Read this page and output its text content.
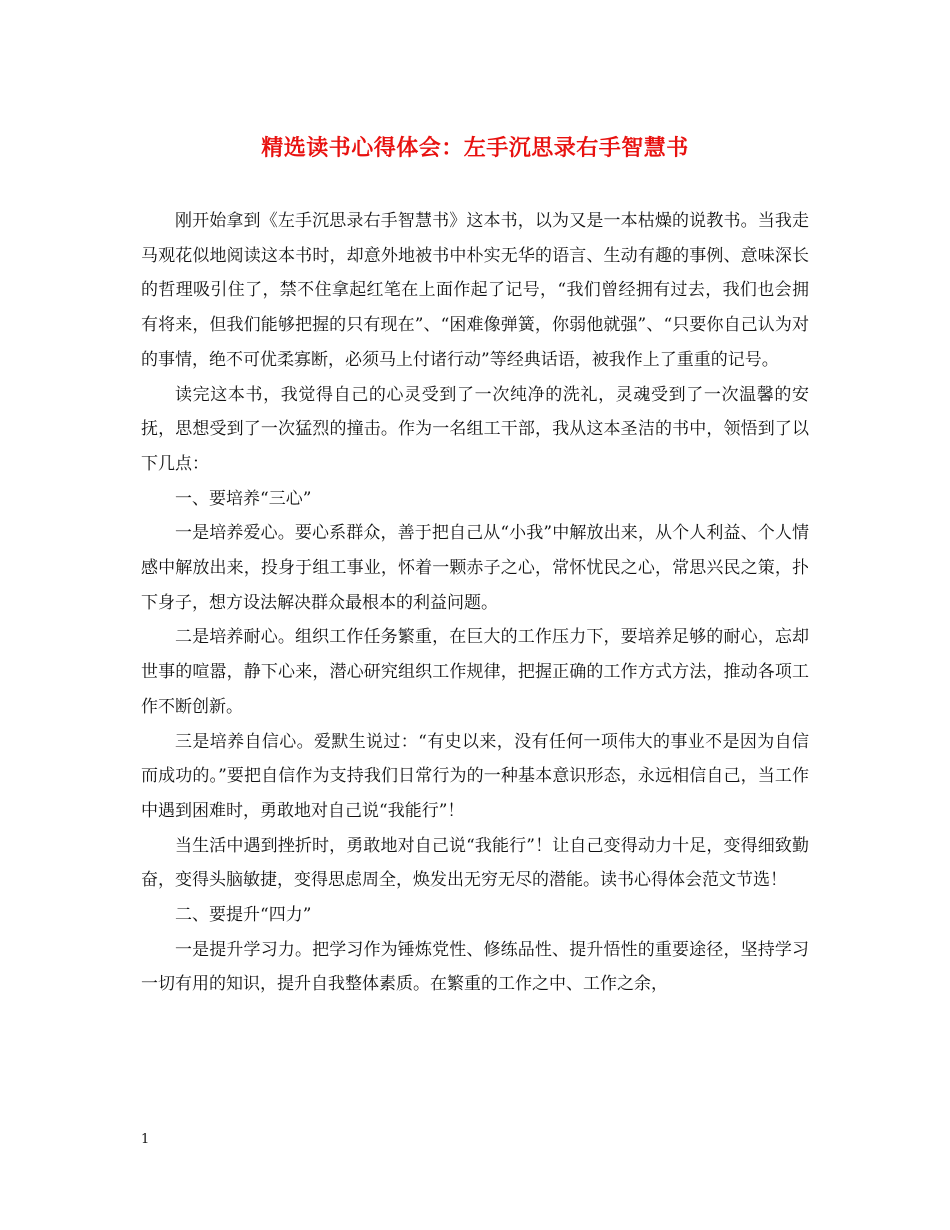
精选读书心得体会：左手沉思录右手智慧书

刚开始拿到《左手沉思录右手智慧书》这本书，以为又是一本枯燥的说教书。当我走马观花似地阅读这本书时，却意外地被书中朴实无华的语言、生动有趣的事例、意味深长的哲理吸引住了，禁不住拿起红笔在上面作起了记号，“我们曾经拥有过去，我们也会拥有将来，但我们能够把握的只有现在”、“困难像弹簧，你弱他就强”、“只要你自己认为对的事情，绝不可优柔寡断，必须马上付诸行动”等经典话语，被我作上了重重的记号。

读完这本书，我觉得自己的心灵受到了一次纯净的洗礼，灵魂受到了一次温馨的安抚，思想受到了一次猛烈的撞击。作为一名组工干部，我从这本圣洁的书中，领悟到了以下几点：

一、要培养“三心”

一是培养爱心。要心系群众，善于把自己从“小我”中解放出来，从个人利益、个人情感中解放出来，投身于组工事业，怀着一颗赤子之心，常怀忧民之心，常思兴民之策，扑下身子，想方设法解决群众最根本的利益问题。

二是培养耐心。组织工作任务繁重，在巨大的工作压力下，要培养足够的耐心，忘却世事的喧嚣，静下心来，潜心研究组织工作规律，把握正确的工作方式方法，推动各项工作不断创新。

三是培养自信心。爱默生说过：“有史以来，没有任何一项伟大的事业不是因为自信而成功的。”要把自信作为支持我们日常行为的一种基本意识形态，永远相信自己，当工作中遇到困难时，勇敢地对自己说“我能行”！

当生活中遇到挫折时，勇敢地对自己说“我能行”！让自己变得动力十足，变得细致勤奋，变得头脑敏捷，变得思虑周全，焕发出无穷无尽的潜能。读书心得体会范文节选！

二、要提升“四力”

一是提升学习力。把学习作为锤炼党性、修练品性、提升悟性的重要途径，坚持学习一切有用的知识，提升自我整体素质。在繁重的工作之中、工作之余，

1
